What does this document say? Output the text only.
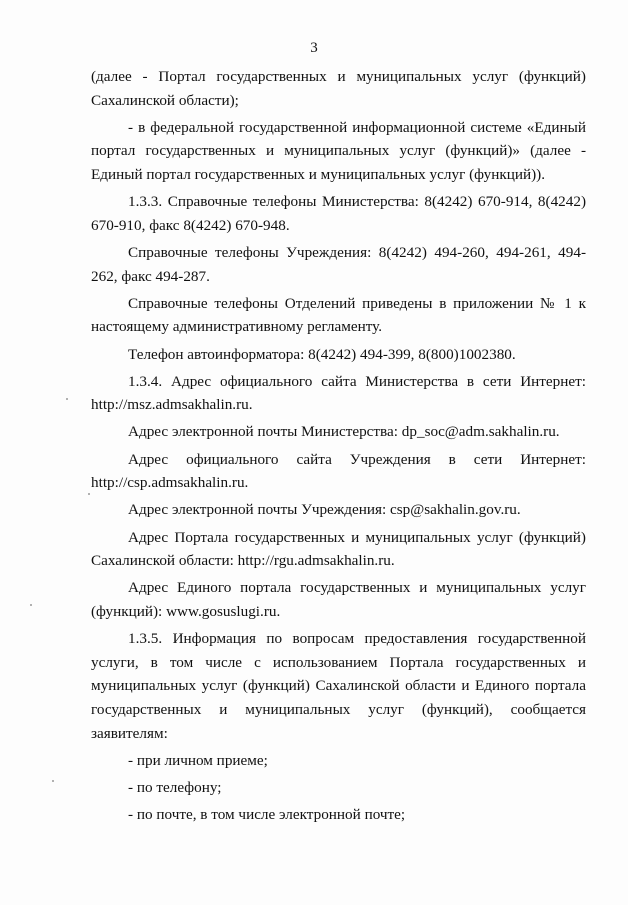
3

(далее - Портал государственных и муниципальных услуг (функций) Сахалинской области);

- в федеральной государственной информационной системе «Единый портал государственных и муниципальных услуг (функций)» (далее - Единый портал государственных и муниципальных услуг (функций)).

1.3.3. Справочные телефоны Министерства: 8(4242) 670-914, 8(4242) 670-910, факс 8(4242) 670-948.

Справочные телефоны Учреждения: 8(4242) 494-260, 494-261, 494-262, факс 494-287.

Справочные телефоны Отделений приведены в приложении № 1 к настоящему административному регламенту.

Телефон автоинформатора: 8(4242) 494-399, 8(800)1002380.

1.3.4. Адрес официального сайта Министерства в сети Интернет: http://msz.admsakhalin.ru.

Адрес электронной почты Министерства: dp_soc@adm.sakhalin.ru.

Адрес официального сайта Учреждения в сети Интернет: http://csp.admsakhalin.ru.

Адрес электронной почты Учреждения: csp@sakhalin.gov.ru.

Адрес Портала государственных и муниципальных услуг (функций) Сахалинской области: http://rgu.admsakhalin.ru.

Адрес Единого портала государственных и муниципальных услуг (функций): www.gosuslugi.ru.

1.3.5. Информация по вопросам предоставления государственной услуги, в том числе с использованием Портала государственных и муниципальных услуг (функций) Сахалинской области и Единого портала государственных и муниципальных услуг (функций), сообщается заявителям:

- при личном приеме;

- по телефону;

- по почте, в том числе электронной почте;
